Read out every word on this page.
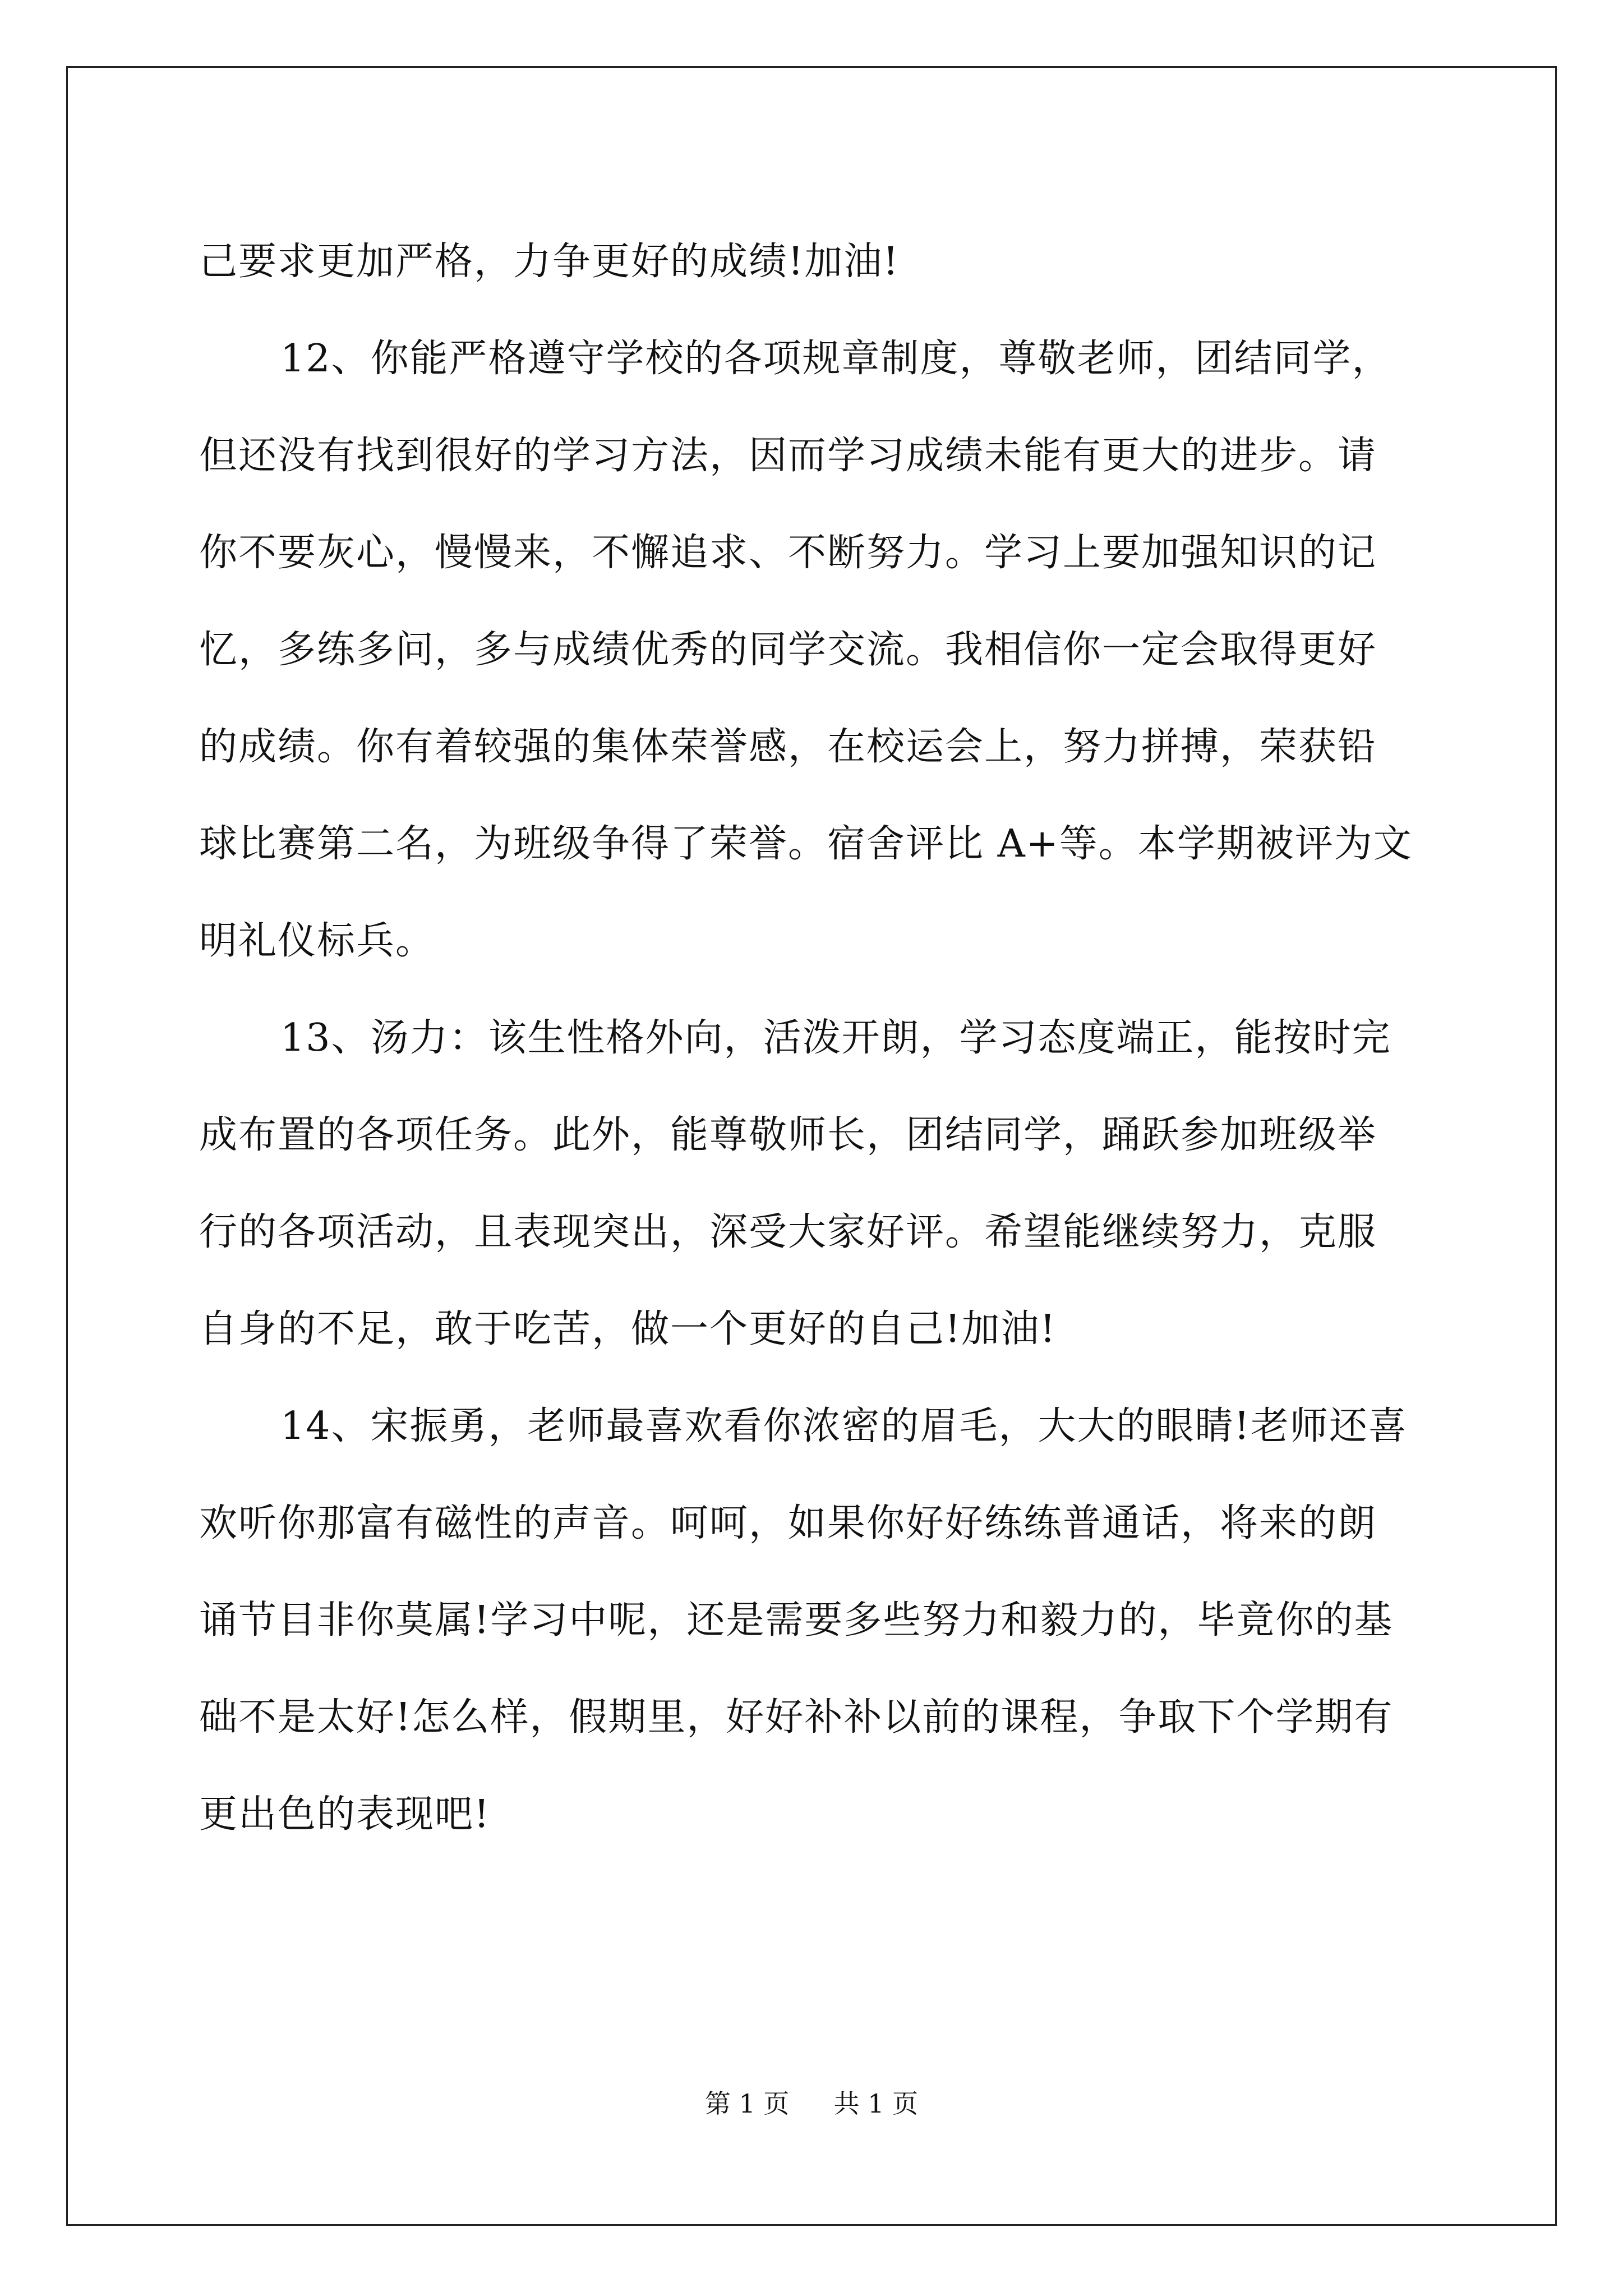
己要求更加严格，力争更好的成绩!加油!
12、你能严格遵守学校的各项规章制度，尊敬老师，团结同学，
但还没有找到很好的学习方法，因而学习成绩未能有更大的进步。请
你不要灰心，慢慢来，不懈追求、不断努力。学习上要加强知识的记
忆，多练多问，多与成绩优秀的同学交流。我相信你一定会取得更好
的成绩。你有着较强的集体荣誉感，在校运会上，努力拼搏，荣获铅
球比赛第二名，为班级争得了荣誉。宿舍评比 A+等。本学期被评为文
明礼仪标兵。
13、汤力：该生性格外向，活泼开朗，学习态度端正，能按时完
成布置的各项任务。此外，能尊敬师长，团结同学，踊跃参加班级举
行的各项活动，且表现突出，深受大家好评。希望能继续努力，克服
自身的不足，敢于吃苦，做一个更好的自己!加油!
14、宋振勇，老师最喜欢看你浓密的眉毛，大大的眼睛!老师还喜
欢听你那富有磁性的声音。呵呵，如果你好好练练普通话，将来的朗
诵节目非你莫属!学习中呢，还是需要多些努力和毅力的，毕竟你的基
础不是太好!怎么样，假期里，好好补补以前的课程，争取下个学期有
更出色的表现吧!
第 1 页 共 1 页
